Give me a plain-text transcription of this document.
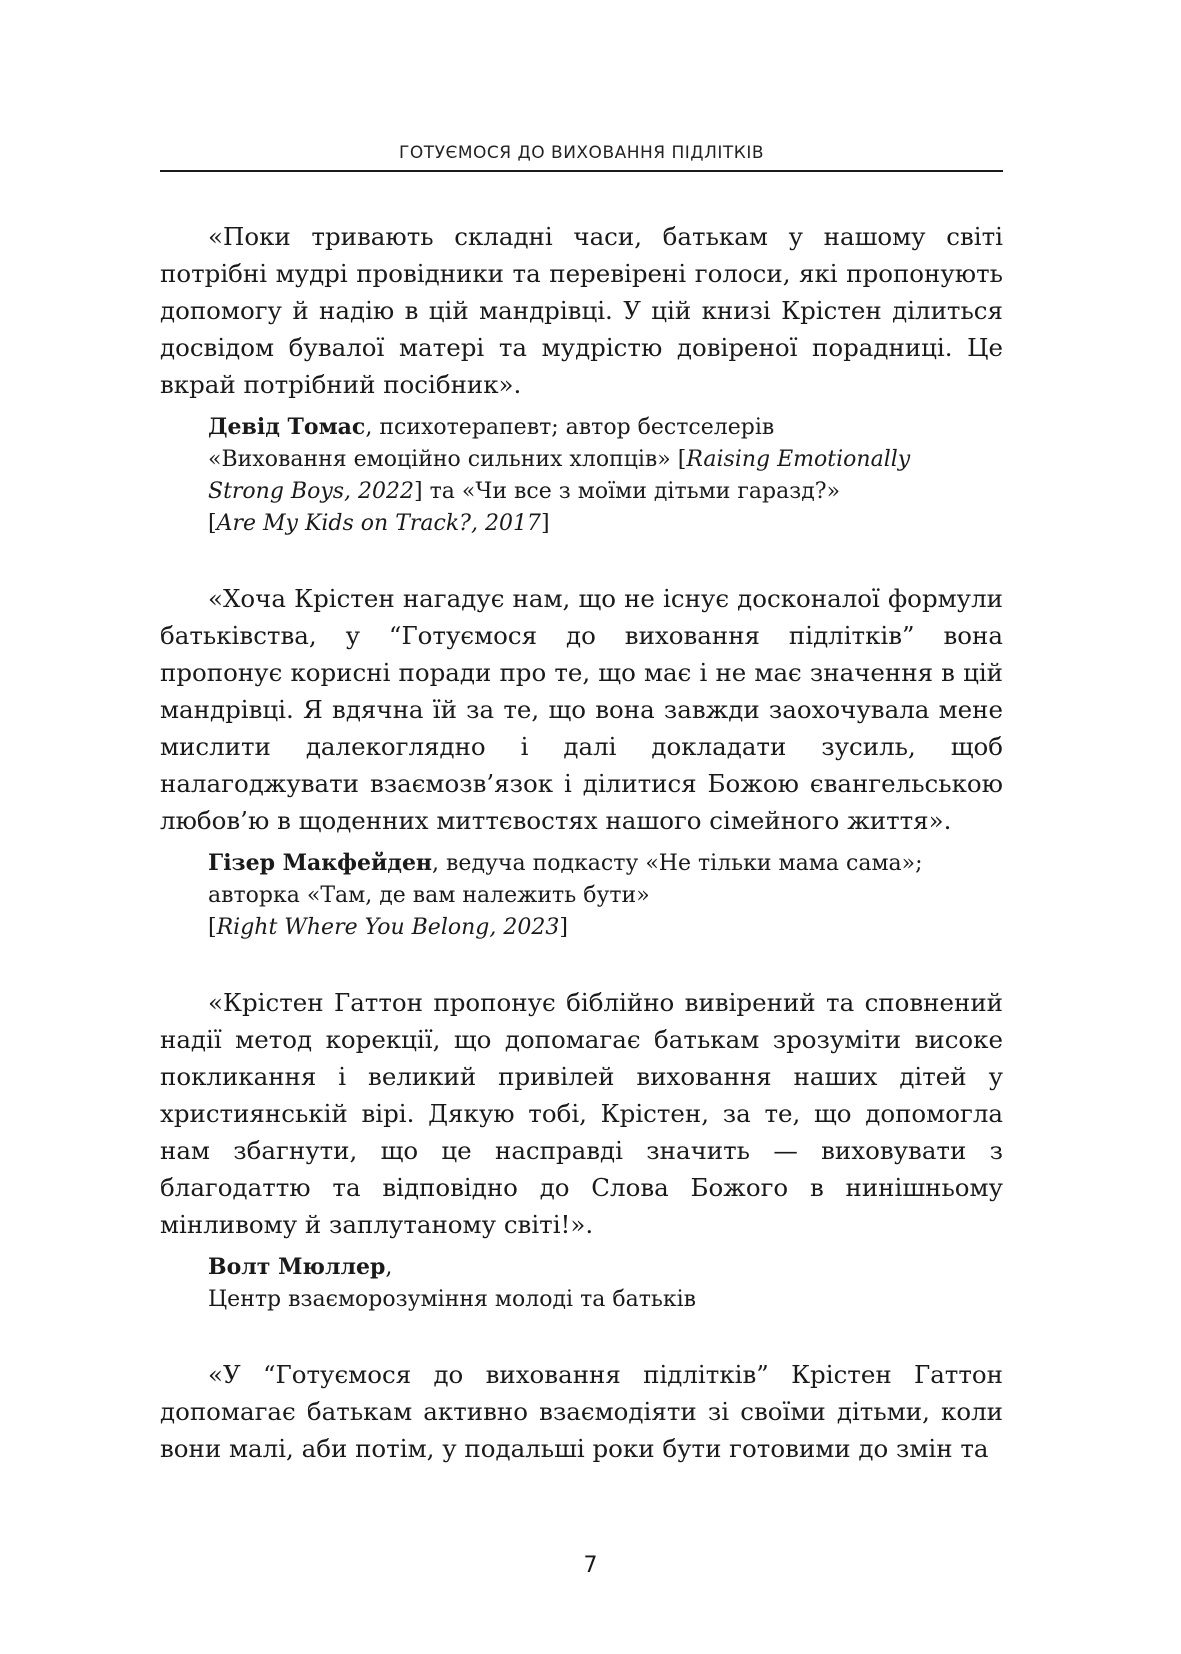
ГОТУЄМОСЯ ДО ВИХОВАННЯ ПІДЛІТКІВ

«Поки тривають складні часи, батькам у нашому світі потрібні мудрі провідники та перевірені голоси, які пропонують допомогу й надію в цій мандрівці. У цій книзі Крістен ділиться досвідом бувалої матері та мудрістю довіреної порадниці. Це вкрай потрібний посібник».

Девід Томас, психотерапевт; автор бестселерів
«Виховання емоційно сильних хлопців» [Raising Emotionally
Strong Boys, 2022] та «Чи все з моїми дітьми гаразд?»
[Are My Kids on Track?, 2017]

«Хоча Крістен нагадує нам, що не існує досконалої формули батьківства, у “Готуємося до виховання підлітків” вона пропонує корисні поради про те, що має і не має значення в цій мандрівці. Я вдячна їй за те, що вона завжди заохочувала мене мислити далекоглядно і далі докладати зусиль, щоб налагоджувати взаємозв’язок і ділитися Божою євангельською любов’ю в щоденних миттєвостях нашого сімейного життя».

Гізер Макфейден, ведуча подкасту «Не тільки мама сама»;
авторка «Там, де вам належить бути»
[Right Where You Belong, 2023]

«Крістен Гаттон пропонує біблійно вивірений та сповнений надії метод корекції, що допомагає батькам зрозуміти високе покликання і великий привілей виховання наших дітей у християнській вірі. Дякую тобі, Крістен, за те, що допомогла нам збагнути, що це насправді значить — виховувати з благодаттю та відповідно до Слова Божого в нинішньому мінливому й заплутаному світі!».

Волт Мюллер,
Центр взаєморозуміння молоді та батьків

«У “Готуємося до виховання підлітків” Крістен Гаттон допомагає батькам активно взаємодіяти зі своїми дітьми, коли вони малі, аби потім, у подальші роки бути готовими до змін та

7
